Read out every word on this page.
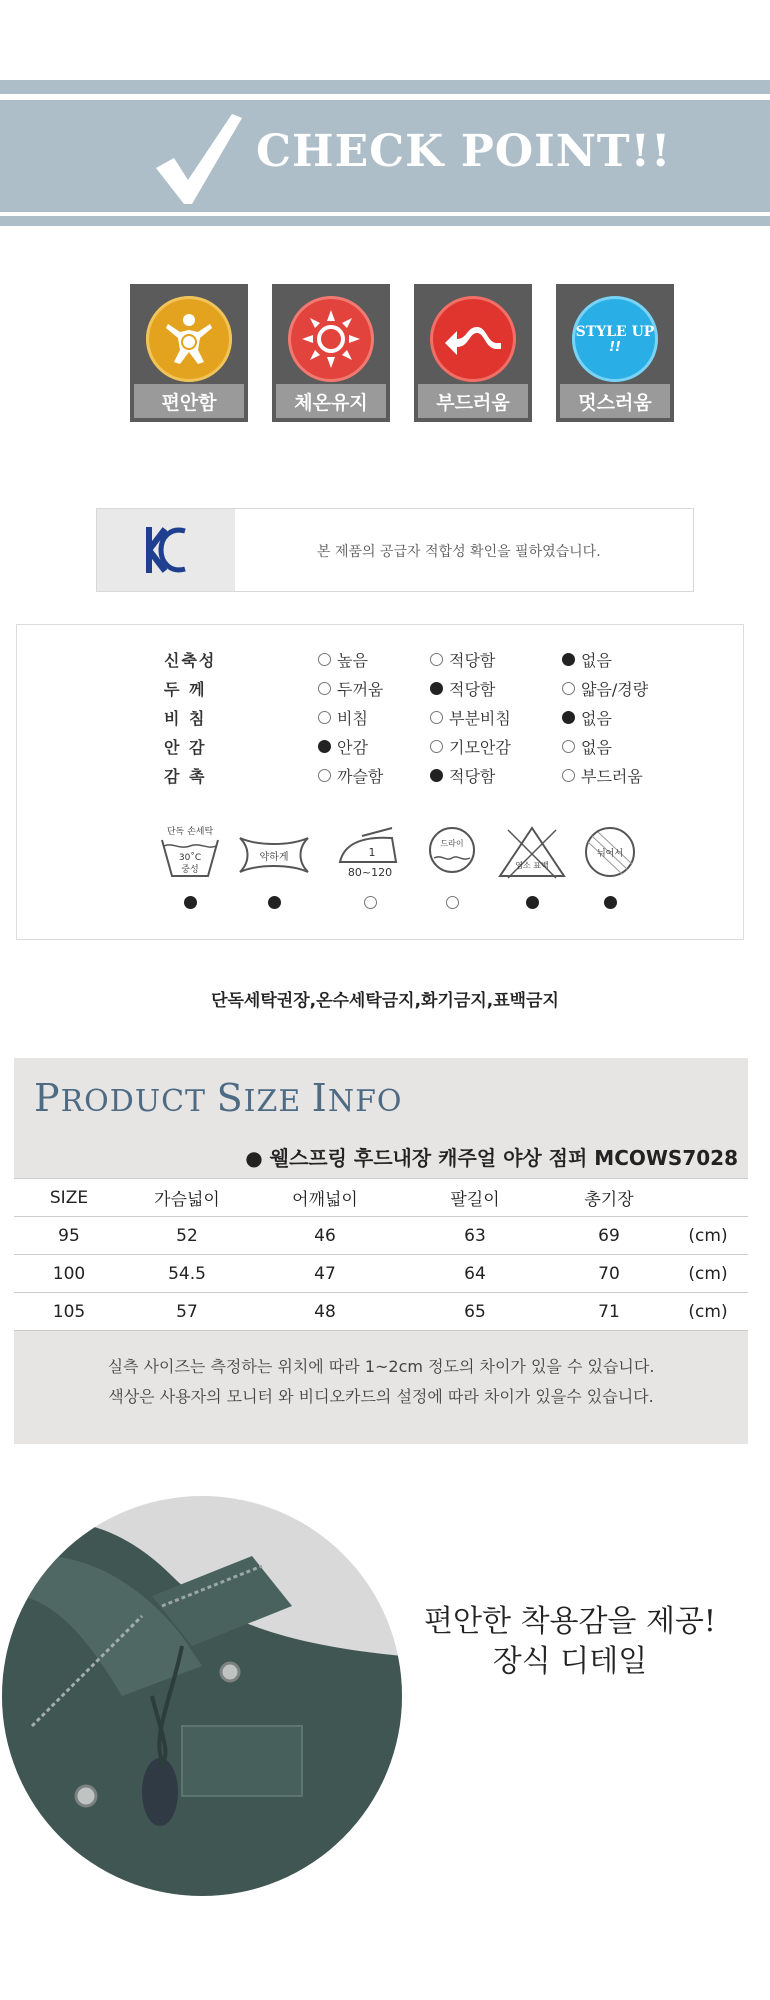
CHECK POINT!!
편안함	체온유지	부드러움
STYLE UP
!!
멋스러움
본 제품의 공급자 적합성 확인을 필하였습니다.
신축성	높음	적당함	없음
두 께	두꺼움	적당함	얇음/경량
비 침	비침	부분비침	없음
안 감	안감	기모안감	없음
감 촉	까슬함	적당함	부드러움
단독 손세탁
30˚C
중성
약하게	1
80~120
드라이
염소 표백
뉘어서
단독세탁권장,온수세탁금지,화기금지,표백금지
PRODUCT SIZE INFO
● 웰스프링 후드내장 캐주얼 야상 점퍼 MCOWS7028
SIZE	가슴넓이	어깨넓이	팔길이	총기장	
95	52	46	63	69	(cm)
100	54.5	47	64	70	(cm)
105	57	48	65	71	(cm)
실측 사이즈는 측정하는 위치에 따라 1~2cm 정도의 차이가 있을 수 있습니다.
색상은 사용자의 모니터 와 비디오카드의 설정에 따라 차이가 있을수 있습니다.
편안한 착용감을 제공!
장식 디테일
